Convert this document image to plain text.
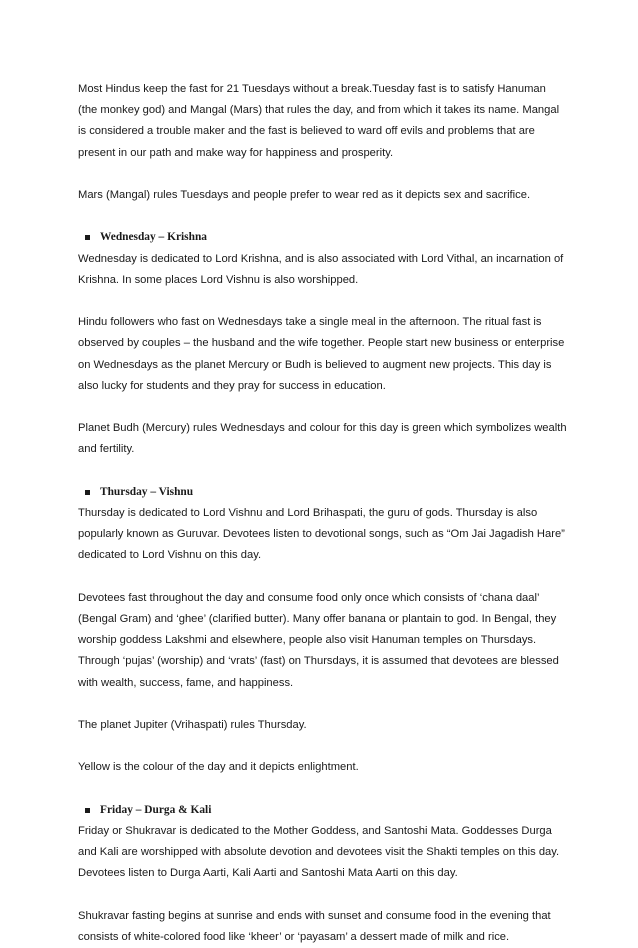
Most Hindus keep the fast for 21 Tuesdays without a break.Tuesday fast is to satisfy Hanuman (the monkey god) and Mangal (Mars) that rules the day, and from which it takes its name. Mangal is considered a trouble maker and the fast is believed to ward off evils and problems that are present in our path and make way for happiness and prosperity.

Mars (Mangal) rules Tuesdays and people prefer to wear red as it depicts sex and sacrifice.

Wednesday – Krishna

Wednesday is dedicated to Lord Krishna, and is also associated with Lord Vithal, an incarnation of Krishna. In some places Lord Vishnu is also worshipped.

Hindu followers who fast on Wednesdays take a single meal in the afternoon. The ritual fast is observed by couples – the husband and the wife together. People start new business or enterprise on Wednesdays as the planet Mercury or Budh is believed to augment new projects. This day is also lucky for students and they pray for success in education.

Planet Budh (Mercury) rules Wednesdays and colour for this day is green which symbolizes wealth and fertility.

Thursday – Vishnu

Thursday is dedicated to Lord Vishnu and Lord Brihaspati, the guru of gods. Thursday is also popularly known as Guruvar. Devotees listen to devotional songs, such as “Om Jai Jagadish Hare” dedicated to Lord Vishnu on this day.

Devotees fast throughout the day and consume food only once which consists of ‘chana daal’ (Bengal Gram) and ‘ghee’ (clarified butter). Many offer banana or plantain to god. In Bengal, they worship goddess Lakshmi and elsewhere, people also visit Hanuman temples on Thursdays. Through ‘pujas’ (worship) and ‘vrats’ (fast) on Thursdays, it is assumed that devotees are blessed with wealth, success, fame, and happiness.

The planet Jupiter (Vrihaspati) rules Thursday.

Yellow is the colour of the day and it depicts enlightment.

Friday – Durga & Kali

Friday or Shukravar is dedicated to the Mother Goddess, and Santoshi Mata. Goddesses Durga and Kali are worshipped with absolute devotion and devotees visit the Shakti temples on this day. Devotees listen to Durga Aarti, Kali Aarti and Santoshi Mata Aarti on this day.

Shukravar fasting begins at sunrise and ends with sunset and consume food in the evening that consists of white-colored food like ‘kheer’ or ‘payasam’ a dessert made of milk and rice.
